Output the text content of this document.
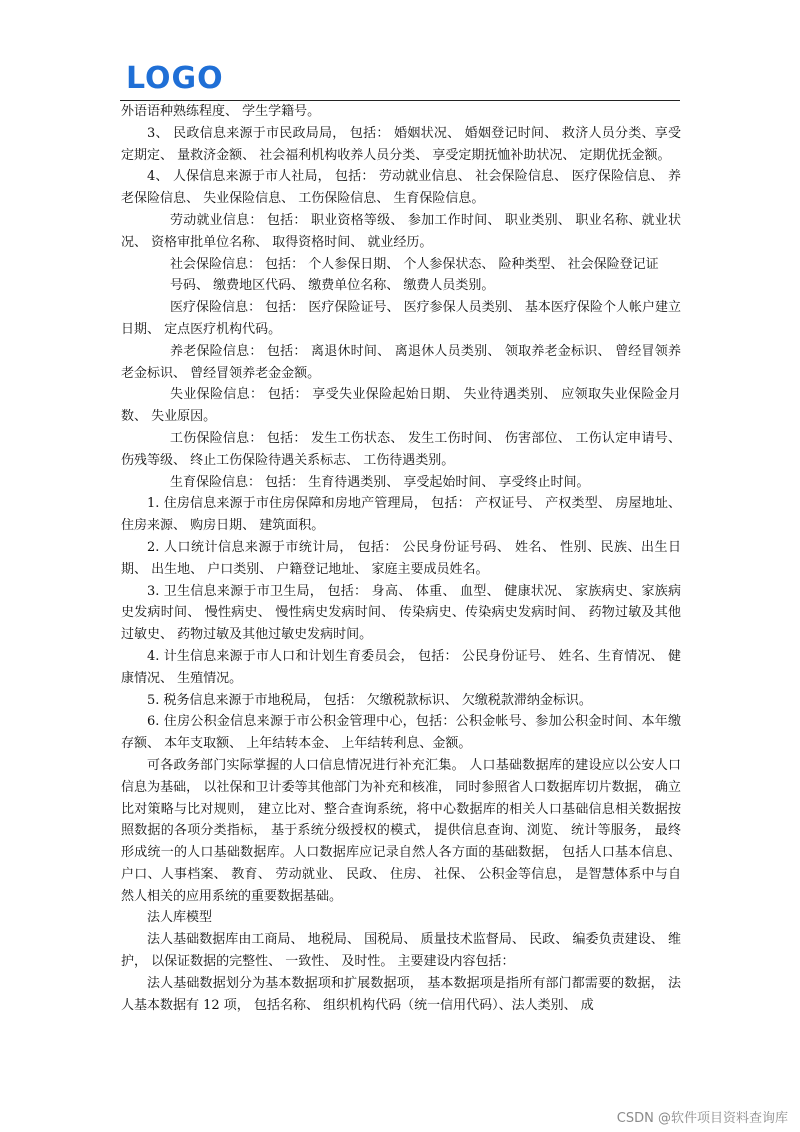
LOGO

外语语种熟练程度、 学生学籍号。

3、 民政信息来源于市民政局局， 包括： 婚姻状况、 婚姻登记时间、 救济人员分类、享受定期定、 量救济金额、 社会福利机构收养人员分类、 享受定期抚恤补助状况、 定期优抚金额。

4、 人保信息来源于市人社局， 包括： 劳动就业信息、 社会保险信息、 医疗保险信息、 养老保险信息、 失业保险信息、 工伤保险信息、 生育保险信息。

劳动就业信息： 包括： 职业资格等级、 参加工作时间、 职业类别、 职业名称、就业状况、 资格审批单位名称、 取得资格时间、 就业经历。

社会保险信息： 包括： 个人参保日期、 个人参保状态、 险种类型、 社会保险登记证

号码、 缴费地区代码、 缴费单位名称、 缴费人员类别。

医疗保险信息： 包括： 医疗保险证号、 医疗参保人员类别、 基本医疗保险个人帐户建立日期、 定点医疗机构代码。

养老保险信息： 包括： 离退休时间、 离退休人员类别、 领取养老金标识、 曾经冒领养老金标识、 曾经冒领养老金金额。

失业保险信息： 包括： 享受失业保险起始日期、 失业待遇类别、 应领取失业保险金月 数、 失业原因。

工伤保险信息： 包括： 发生工伤状态、 发生工伤时间、 伤害部位、 工伤认定申请号、 伤残等级、 终止工伤保险待遇关系标志、 工伤待遇类别。

生育保险信息： 包括： 生育待遇类别、 享受起始时间、 享受终止时间。

1. 住房信息来源于市住房保障和房地产管理局， 包括： 产权证号、 产权类型、 房屋地址、 住房来源、 购房日期、 建筑面积。

2. 人口统计信息来源于市统计局， 包括： 公民身份证号码、 姓名、 性别、民族、出生日期、 出生地、 户口类别、 户籍登记地址、 家庭主要成员姓名。

3. 卫生信息来源于市卫生局， 包括： 身高、 体重、 血型、 健康状况、 家族病史、家族病史发病时间、 慢性病史、 慢性病史发病时间、 传染病史、传染病史发病时间、 药物过敏及其他过敏史、 药物过敏及其他过敏史发病时间。

4. 计生信息来源于市人口和计划生育委员会， 包括： 公民身份证号、 姓名、生育情况、 健康情况、 生殖情况。

5. 税务信息来源于市地税局， 包括： 欠缴税款标识、 欠缴税款滞纳金标识。

6. 住房公积金信息来源于市公积金管理中心，包括：公积金帐号、参加公积金时间、本年缴存额、 本年支取额、 上年结转本金、 上年结转利息、金额。

可各政务部门实际掌握的人口信息情况进行补充汇集。 人口基础数据库的建设应以公安人口信息为基础， 以社保和卫计委等其他部门为补充和核准， 同时参照省人口数据库切片数据， 确立比对策略与比对规则， 建立比对、整合查询系统，将中心数据库的相关人口基础信息相关数据按照数据的各项分类指标， 基于系统分级授权的模式， 提供信息查询、浏览、 统计等服务， 最终形成统一的人口基础数据库。人口数据库应记录自然人各方面的基础数据， 包括人口基本信息、户口、人事档案、 教育、 劳动就业、 民政、 住房、 社保、 公积金等信息， 是智慧体系中与自然人相关的应用系统的重要数据基础。

法人库模型

法人基础数据库由工商局、 地税局、 国税局、 质量技术监督局、 民政、 编委负责建设、 维护， 以保证数据的完整性、 一致性、 及时性。 主要建设内容包括：

法人基础数据划分为基本数据项和扩展数据项， 基本数据项是指所有部门都需要的数据， 法人基本数据有 12 项， 包括名称、 组织机构代码（统一信用代码）、法人类别、 成

CSDN @软件项目资料查询库
